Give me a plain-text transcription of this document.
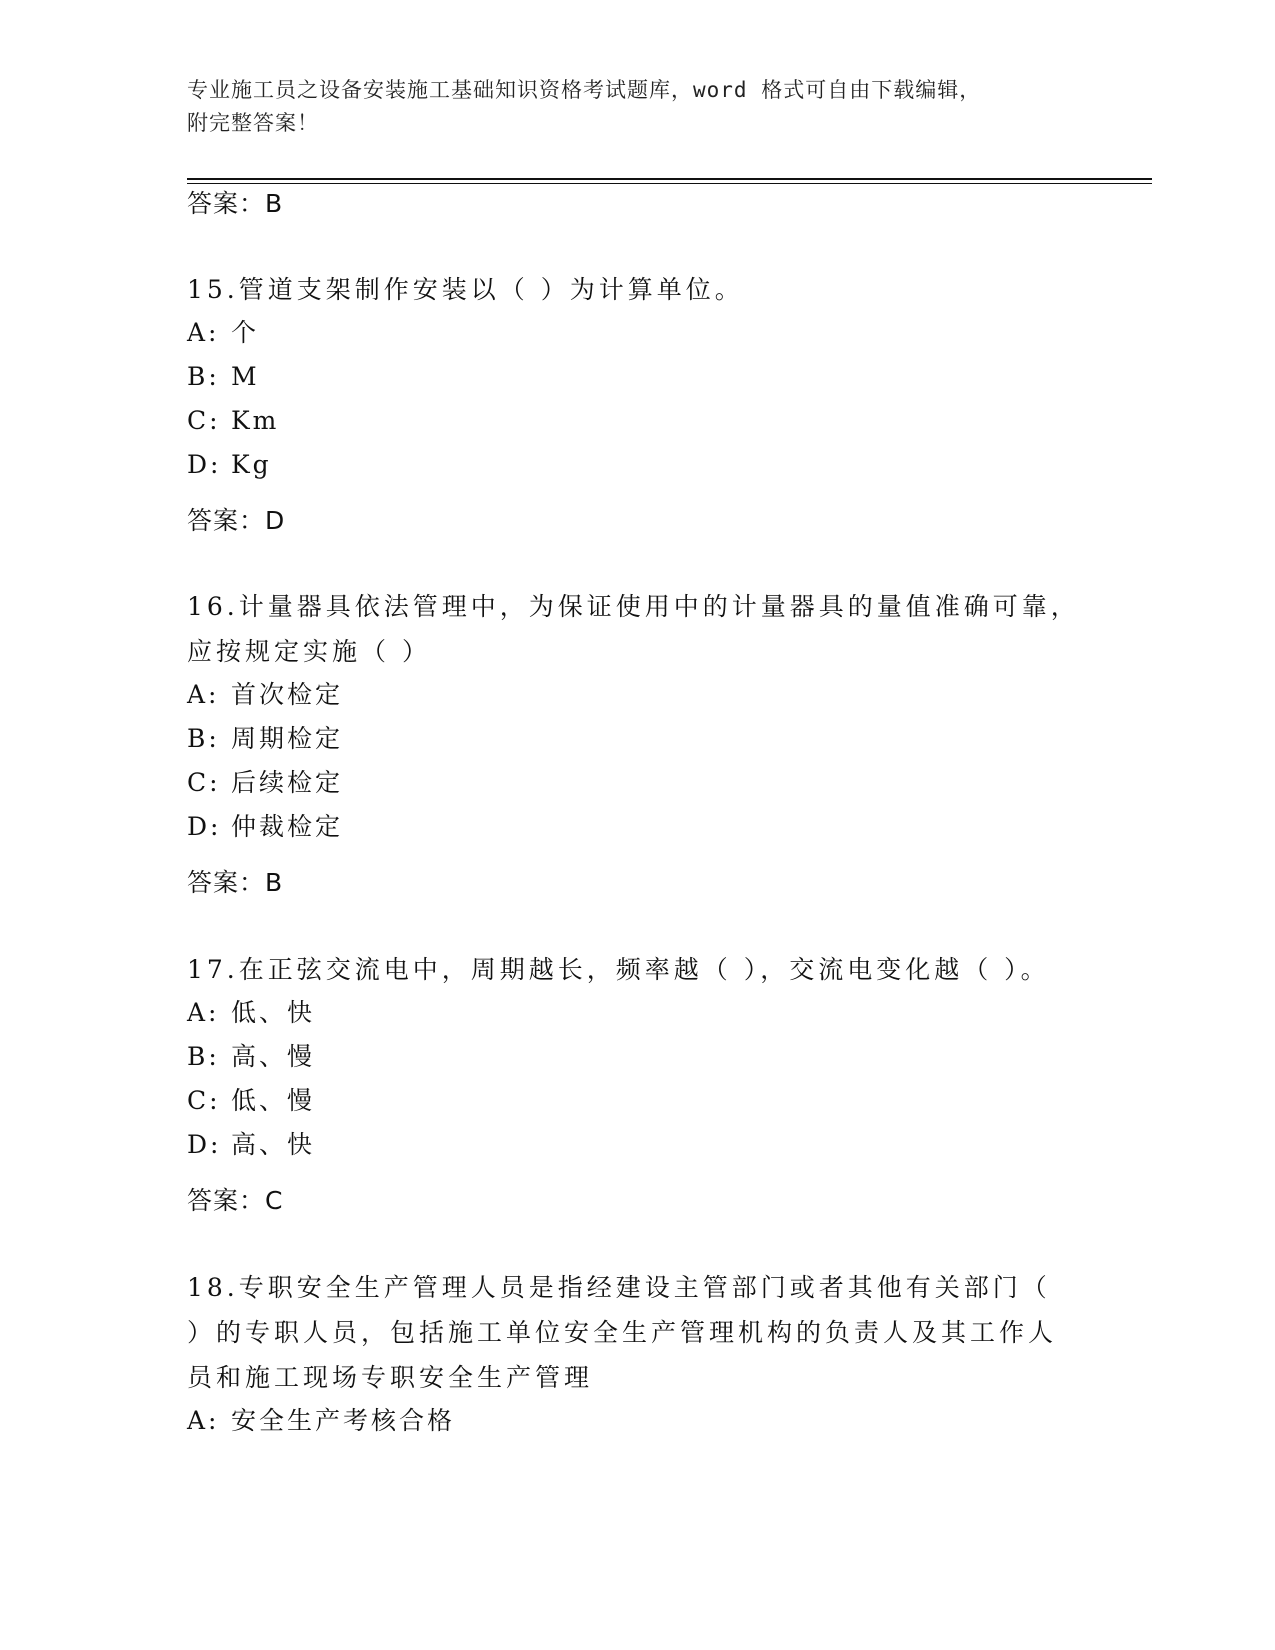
专业施工员之设备安装施工基础知识资格考试题库，word 格式可自由下载编辑，
附完整答案！
答案：B
15.管道支架制作安装以（ ）为计算单位。
A: 个
B: M
C: Km
D: Kg
答案：D
16.计量器具依法管理中，为保证使用中的计量器具的量值准确可靠，
应按规定实施（ ）
A: 首次检定
B: 周期检定
C: 后续检定
D: 仲裁检定
答案：B
17.在正弦交流电中，周期越长，频率越（ ），交流电变化越（ ）。
A: 低、快
B: 高、慢
C: 低、慢
D: 高、快
答案：C
18.专职安全生产管理人员是指经建设主管部门或者其他有关部门（
）的专职人员，包括施工单位安全生产管理机构的负责人及其工作人
员和施工现场专职安全生产管理
A: 安全生产考核合格
